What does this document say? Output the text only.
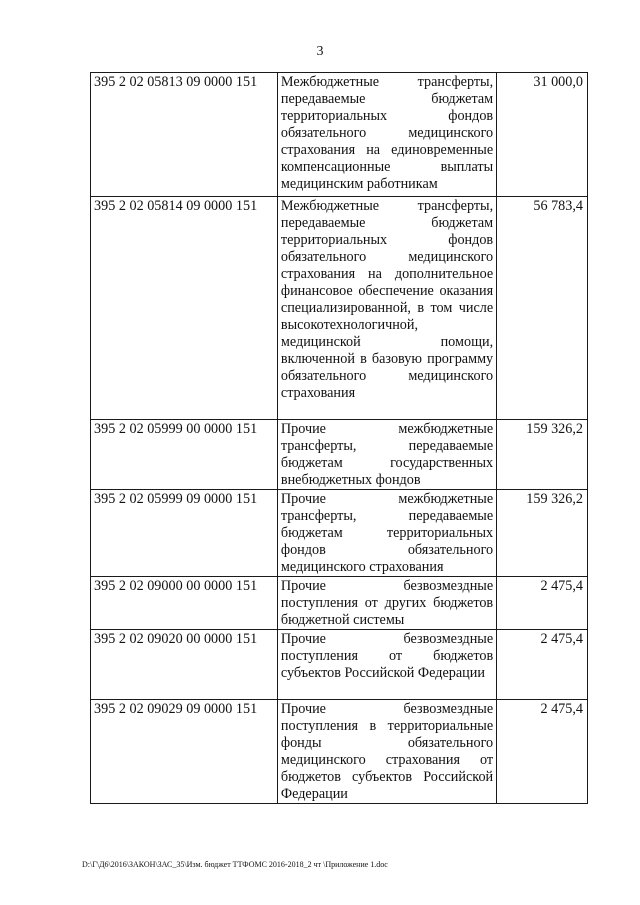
3
395 2 02 05813 09 0000 151	Межбюджетные трансферты, передаваемые бюджетам территориальных фондов обязательного медицинского страхования на единовременные компенсационные выплаты медицинским работникам	31 000,0
395 2 02 05814 09 0000 151	Межбюджетные трансферты, передаваемые бюджетам территориальных фондов обязательного медицинского страхования на дополнительное финансовое обеспечение оказания специализированной, в том числе высокотехнологичной, медицинской помощи, включенной в базовую программу обязательного медицинского страхования	56 783,4
395 2 02 05999 00 0000 151	Прочие межбюджетные трансферты, передаваемые бюджетам государственных внебюджетных фондов	159 326,2
395 2 02 05999 09 0000 151	Прочие межбюджетные трансферты, передаваемые бюджетам территориальных фондов обязательного медицинского страхования	159 326,2
395 2 02 09000 00 0000 151	Прочие безвозмездные поступления от других бюджетов бюджетной системы	2 475,4
395 2 02 09020 00 0000 151	Прочие безвозмездные поступления от бюджетов субъектов Российской Федерации	2 475,4
395 2 02 09029 09 0000 151	Прочие безвозмездные поступления в территориальные фонды обязательного медицинского страхования от бюджетов субъектов Российской Федерации	2 475,4
D:\Г\Д6\2016\ЗАКОН\ЗАС_35\Изм. бюджет ТТФОМС 2016-2018_2 чт \Приложение 1.doc
